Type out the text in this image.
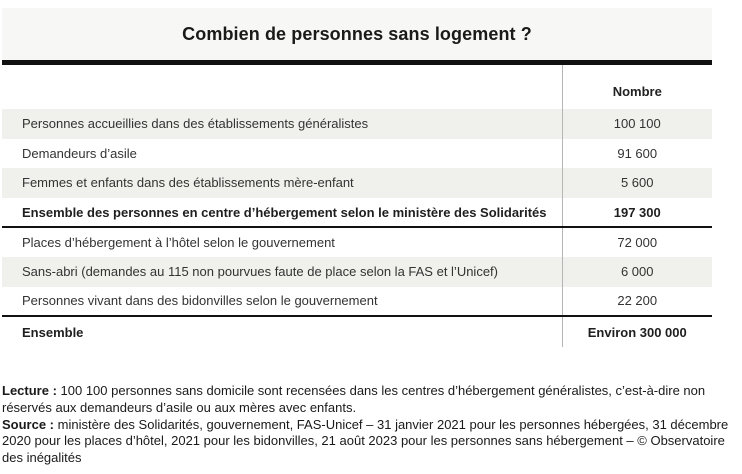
Combien de personnes sans logement ?
	Nombre
Personnes accueillies dans des établissements généralistes	100 100
Demandeurs d’asile	91 600
Femmes et enfants dans des établissements mère-enfant	5 600
Ensemble des personnes en centre d’hébergement selon le ministère des Solidarités	197 300
Places d’hébergement à l’hôtel selon le gouvernement	72 000
Sans-abri (demandes au 115 non pourvues faute de place selon la FAS et l’Unicef)	6 000
Personnes vivant dans des bidonvilles selon le gouvernement	22 200
Ensemble	Environ 300 000

Lecture : 100 100 personnes sans domicile sont recensées dans les centres d’hébergement généralistes, c’est-à-dire non réservés aux demandeurs d’asile ou aux mères avec enfants.

Source : ministère des Solidarités, gouvernement, FAS-Unicef – 31 janvier 2021 pour les personnes hébergées, 31 décembre 2020 pour les places d’hôtel, 2021 pour les bidonvilles, 21 août 2023 pour les personnes sans hébergement – © Observatoire des inégalités
